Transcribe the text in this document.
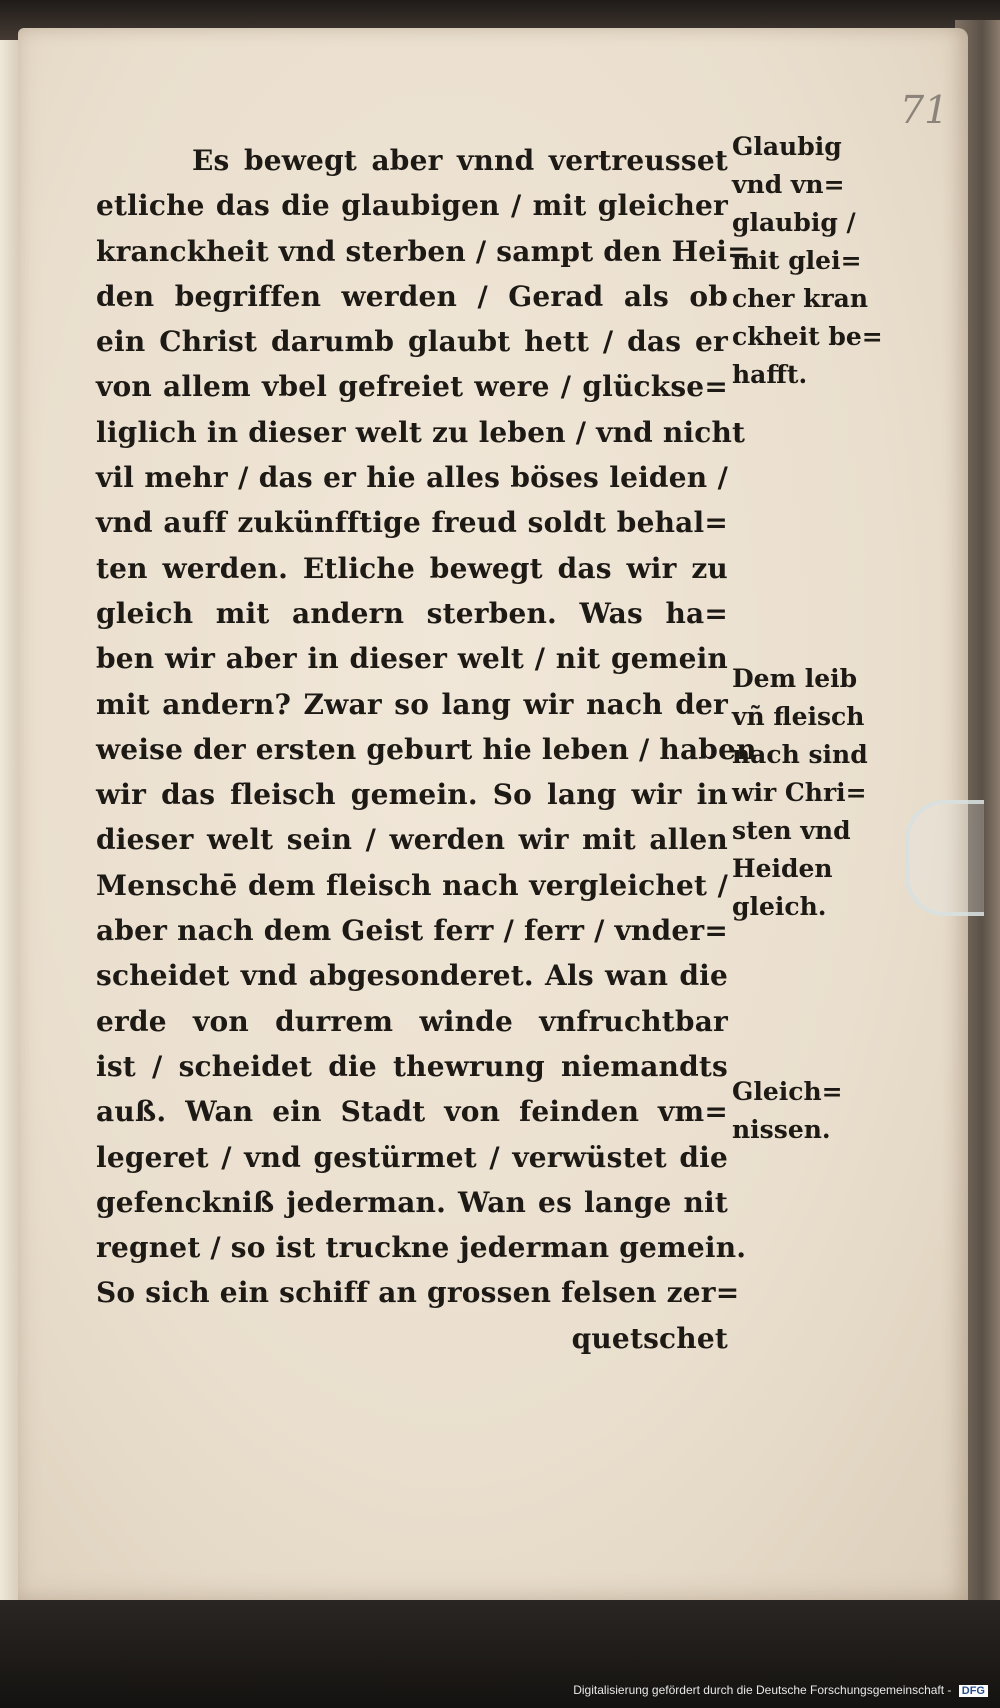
71
Es bewegt aber vnnd vertreusset
etliche das die glaubigen / mit gleicher
kranckheit vnd sterben / sampt den Hei=
den begriffen werden / Gerad als ob
ein Christ darumb glaubt hett / das er
von allem vbel gefreiet were / glückse=
liglich in dieser welt zu leben / vnd nicht
vil mehr / das er hie alles böses leiden /
vnd auff zukünfftige freud soldt behal=
ten werden. Etliche bewegt das wir zu
gleich mit andern sterben. Was ha=
ben wir aber in dieser welt / nit gemein
mit andern? Zwar so lang wir nach der
weise der ersten geburt hie leben / haben
wir das fleisch gemein. So lang wir in
dieser welt sein / werden wir mit allen
Menschē dem fleisch nach vergleichet /
aber nach dem Geist ferr / ferr / vnder=
scheidet vnd abgesonderet. Als wan die
erde von durrem winde vnfruchtbar
ist / scheidet die thewrung niemandts
auß. Wan ein Stadt von feinden vm=
legeret / vnd gestürmet / verwüstet die
gefenckniß jederman. Wan es lange nit
regnet / so ist truckne jederman gemein.
So sich ein schiff an grossen felsen zer=
quetschet
Glaubig
vnd vn=
glaubig /
mit glei=
cher kran
ckheit be=
hafft.
Dem leib
vñ fleisch
nach sind
wir Chri=
sten vnd
Heiden
gleich.
Gleich=
nissen.
Digitalisierung gefördert durch die Deutsche Forschungsgemeinschaft - DFG
